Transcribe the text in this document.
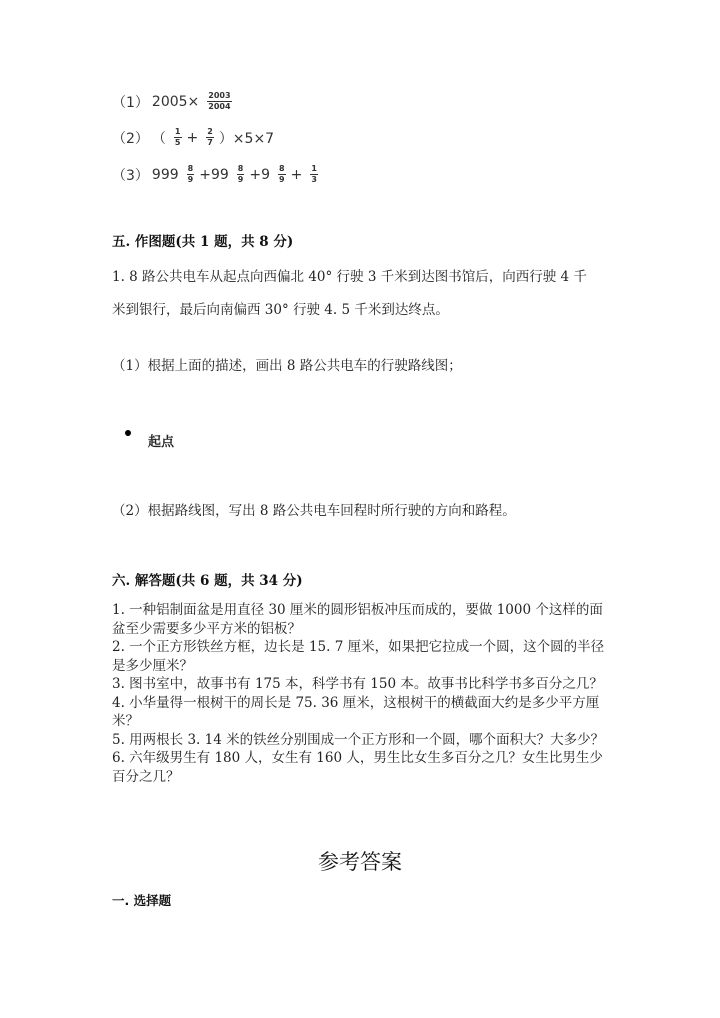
（1） $2005\times \frac{2003}{2004}$
（2） （ $\frac{1}{5} + \frac{2}{7} )\times 5\times 7$
（3） $999 \frac{8}{9} +99 \frac{8}{9} +9 \frac{8}{9} + \frac{1}{3}$
五. 作图题(共 1 题，共 8 分)
1. 8 路公共电车从起点向西偏北 40° 行驶 3 千米到达图书馆后，向西行驶 4 千
米到银行，最后向南偏西 30° 行驶 4. 5 千米到达终点。
（1）根据上面的描述，画出 8 路公共电车的行驶路线图；
起点
（2）根据路线图，写出 8 路公共电车回程时所行驶的方向和路程。
六. 解答题(共 6 题，共 34 分)

1. 一种铝制面盆是用直径 30 厘米的圆形铝板冲压而成的，要做 1000 个这样的面盆至少需要多少平方米的铝板？

2. 一个正方形铁丝方框，边长是 15. 7 厘米，如果把它拉成一个圆，这个圆的半径是多少厘米？

3. 图书室中，故事书有 175 本，科学书有 150 本。故事书比科学书多百分之几？

4. 小华量得一根树干的周长是 75. 36 厘米，这根树干的横截面大约是多少平方厘米？

5. 用两根长 3. 14 米的铁丝分别围成一个正方形和一个圆，哪个面积大？大多少？

6. 六年级男生有 180 人，女生有 160 人，男生比女生多百分之几？女生比男生少百分之几？

参考答案
一. 选择题
